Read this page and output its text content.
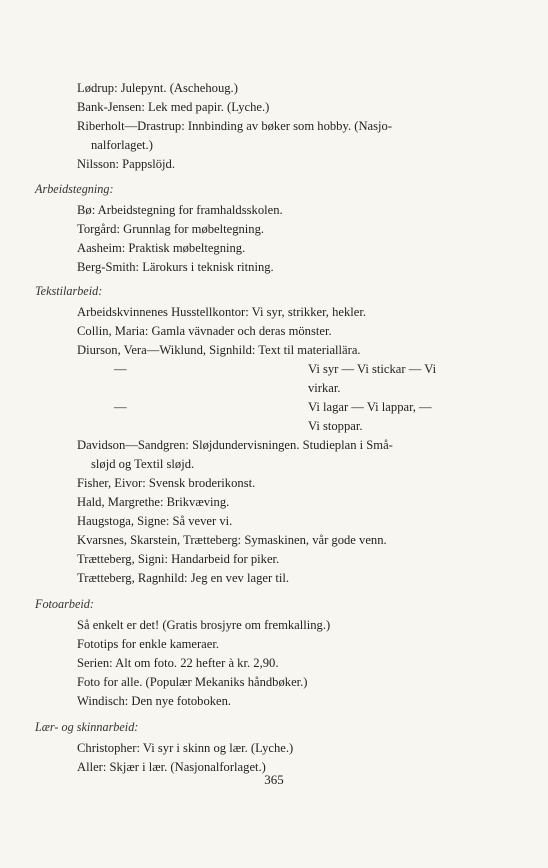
Lødrup: Julepynt. (Aschehoug.)
Bank-Jensen: Lek med papir. (Lyche.)
Riberholt—Drastrup: Innbinding av bøker som hobby. (Nasjo-
nalforlaget.)
Nilsson: Pappslöjd.
Arbeidstegning:
Bø: Arbeidstegning for framhaldsskolen.
Torgård: Grunnlag for møbeltegning.
Aasheim: Praktisk møbeltegning.
Berg-Smith: Lärokurs i teknisk ritning.
Tekstilarbeid:
Arbeidskvinnenes Husstellkontor: Vi syr, strikker, hekler.
Collin, Maria: Gamla vävnader och deras mönster.
Diurson, Vera—Wiklund, Signhild: Text til materiallära.
—	Vi syr — Vi stickar — Vi
virkar.
—	Vi lagar — Vi lappar, —
Vi stoppar.
Davidson—Sandgren: Sløjdundervisningen. Studieplan i Små-
sløjd og Textil sløjd.
Fisher, Eivor: Svensk broderikonst.
Hald, Margrethe: Brikvæving.
Haugstoga, Signe: Så vever vi.
Kvarsnes, Skarstein, Trætteberg: Symaskinen, vår gode venn.
Trætteberg, Signi: Handarbeid for piker.
Trætteberg, Ragnhild: Jeg en vev lager til.
Fotoarbeid:
Så enkelt er det! (Gratis brosjyre om fremkalling.)
Fototips for enkle kameraer.
Serien: Alt om foto. 22 hefter à kr. 2,90.
Foto for alle. (Populær Mekaniks håndbøker.)
Windisch: Den nye fotoboken.
Lær- og skinnarbeid:
Christopher: Vi syr i skinn og lær. (Lyche.)
Aller: Skjær i lær. (Nasjonalforlaget.)
365
